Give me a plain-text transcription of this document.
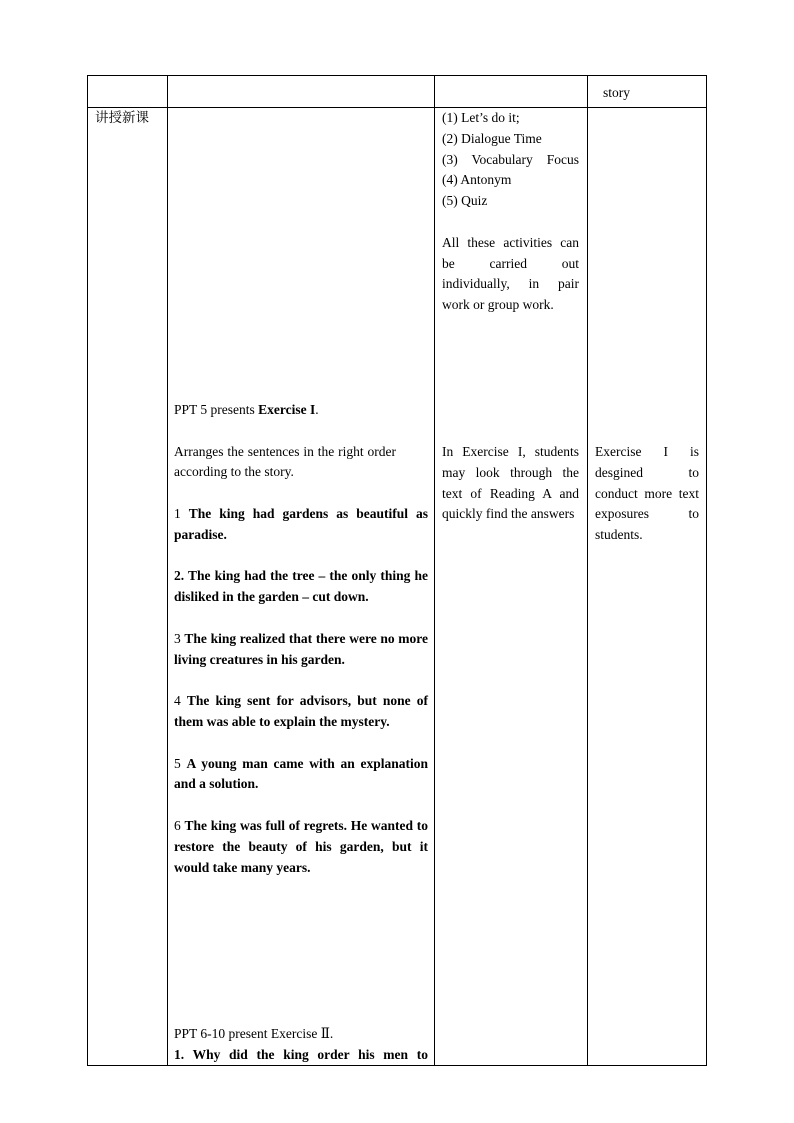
story
讲授新课	(1) Let’s do it;

(2) Dialogue Time

(3) Vocabulary Focus

(4) Antonym

(5) Quiz

All these activities can be carried out individually, in pair work or group work.

PPT 5 presents Exercise I.

Arranges the sentences in the right order according to the story.

1 The king had gardens as beautiful as paradise.

2. The king had the tree – the only thing he disliked in the garden – cut down.

3 The king realized that there were no more living creatures in his garden.

4 The king sent for advisors, but none of them was able to explain the mystery.

5 A young man came with an explanation and a solution.

6 The king was full of regrets. He wanted to restore the beauty of his garden, but it would take many years.

In Exercise I, students may look through the text of Reading A and quickly find the answers
Exercise I is desgined to conduct more text exposures to students.

PPT 6-10 present Exercise Ⅱ.

1. Why did the king order his men to
